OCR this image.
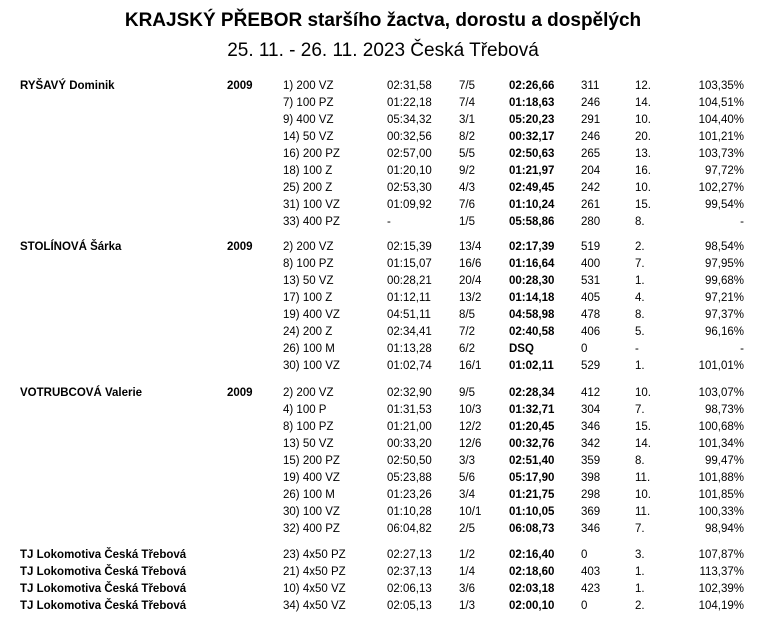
KRAJSKÝ PŘEBOR staršího žactva, dorostu a dospělých
25. 11. - 26. 11. 2023 Česká Třebová
RYŠAVÝ Dominik	2009	1) 200 VZ	02:31,58 7/5	02:26,66 311	12.	103,35%
7) 100 PZ	01:22,18 7/4	01:18,63 246	14.	104,51%
9) 400 VZ	05:34,32 3/1	05:20,23 291	10.	104,40%
14) 50 VZ	00:32,56 8/2	00:32,17 246	20.	101,21%
16) 200 PZ	02:57,00 5/5	02:50,63 265	13.	103,73%
18) 100 Z	01:20,10 9/2	01:21,97 204	16.	97,72%
25) 200 Z	02:53,30 4/3	02:49,45 242	10.	102,27%
31) 100 VZ	01:09,92 7/6	01:10,24 261	15.	99,54%
33) 400 PZ	-	1/5	05:58,86 280	8.	-
STOLÍNOVÁ Šárka	2009	2) 200 VZ	02:15,39 13/4 02:17,39 519	2.	98,54%
8) 100 PZ	01:15,07 16/6 01:16,64 400	7.	97,95%
13) 50 VZ	00:28,21 20/4 00:28,30 531	1.	99,68%
17) 100 Z	01:12,11 13/2 01:14,18 405	4.	97,21%
19) 400 VZ	04:51,11 8/5	04:58,98 478	8.	97,37%
24) 200 Z	02:34,41 7/2	02:40,58 406	5.	96,16%
26) 100 M	01:13,28 6/2	DSQ	0	-	-
30) 100 VZ	01:02,74 16/1 01:02,11 529	1.	101,01%
VOTRUBCOVÁ Valerie	2009	2) 200 VZ	02:32,90 9/5	02:28,34 412	10.	103,07%
4) 100 P	01:31,53 10/3 01:32,71 304	7.	98,73%
8) 100 PZ	01:21,00 12/2 01:20,45 346	15.	100,68%
13) 50 VZ	00:33,20 12/6 00:32,76 342	14.	101,34%
15) 200 PZ	02:50,50 3/3	02:51,40 359	8.	99,47%
19) 400 VZ	05:23,88 5/6	05:17,90 398	11.	101,88%
26) 100 M	01:23,26 3/4	01:21,75 298	10.	101,85%
30) 100 VZ	01:10,28 10/1 01:10,05 369	11.	100,33%
32) 400 PZ	06:04,82 2/5	06:08,73 346	7.	98,94%
TJ Lokomotiva Česká Třebová	23) 4x50 PZ	02:27,13 1/2	02:16,40 0	3.	107,87%
TJ Lokomotiva Česká Třebová	21) 4x50 PZ	02:37,13 1/4	02:18,60 403	1.	113,37%
TJ Lokomotiva Česká Třebová	10) 4x50 VZ	02:06,13 3/6	02:03,18 423	1.	102,39%
TJ Lokomotiva Česká Třebová	34) 4x50 VZ	02:05,13 1/3	02:00,10 0	2.	104,19%
